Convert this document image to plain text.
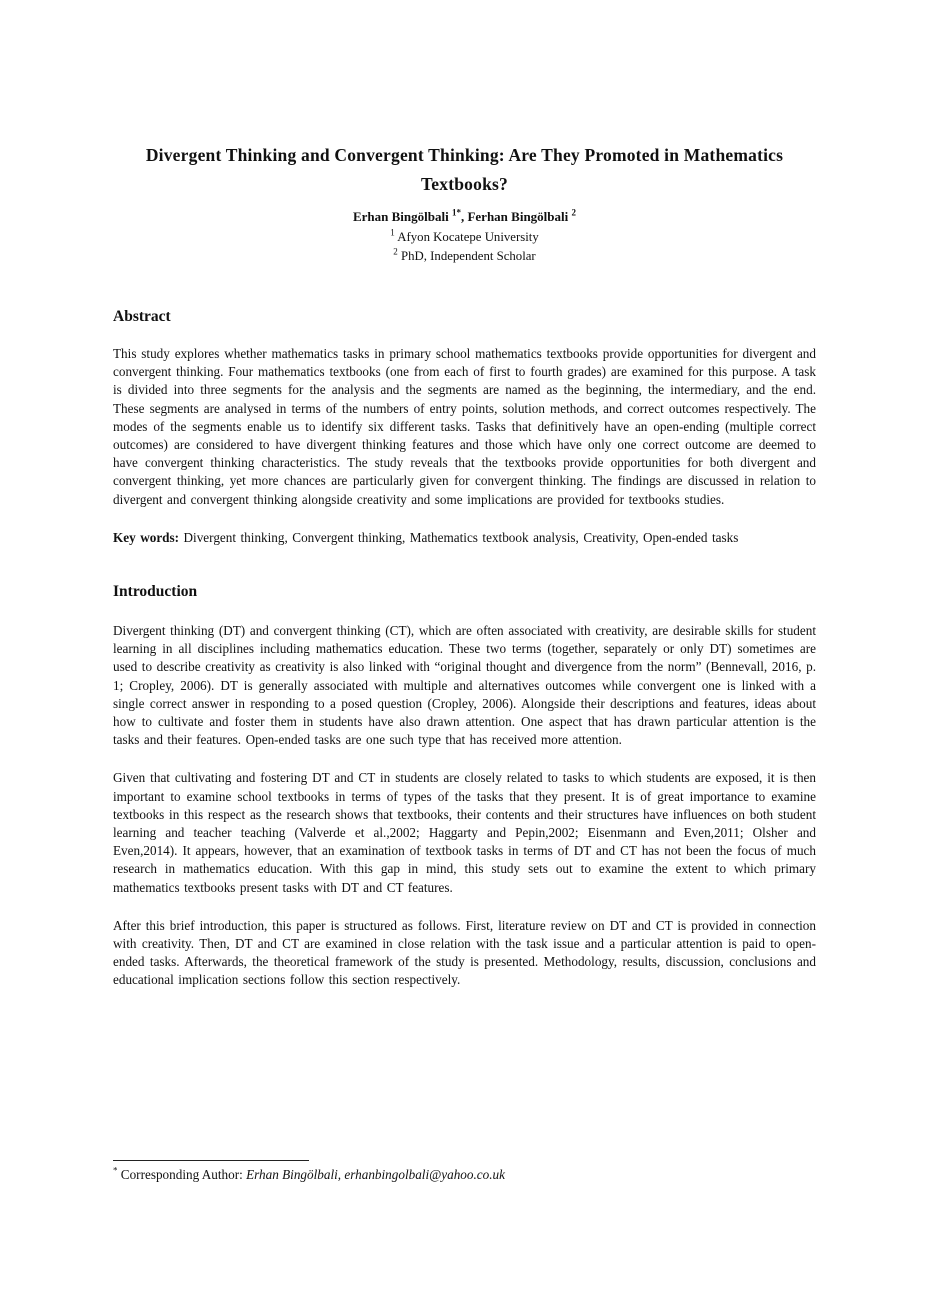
Divergent Thinking and Convergent Thinking: Are They Promoted in Mathematics Textbooks?
Erhan Bingölbali $^{1*}$, Ferhan Bingölbali $^2$
$^1$ Afyon Kocatepe University
$^2$ PhD, Independent Scholar
Abstract

This study explores whether mathematics tasks in primary school mathematics textbooks provide opportunities for divergent and convergent thinking. Four mathematics textbooks (one from each of first to fourth grades) are examined for this purpose. A task is divided into three segments for the analysis and the segments are named as the beginning, the intermediary, and the end. These segments are analysed in terms of the numbers of entry points, solution methods, and correct outcomes respectively. The modes of the segments enable us to identify six different tasks. Tasks that definitively have an open-ending (multiple correct outcomes) are considered to have divergent thinking features and those which have only one correct outcome are deemed to have convergent thinking characteristics. The study reveals that the textbooks provide opportunities for both divergent and convergent thinking, yet more chances are particularly given for convergent thinking. The findings are discussed in relation to divergent and convergent thinking alongside creativity and some implications are provided for textbooks studies.

Key words: Divergent thinking, Convergent thinking, Mathematics textbook analysis, Creativity, Open-ended tasks

Introduction

Divergent thinking (DT) and convergent thinking (CT), which are often associated with creativity, are desirable skills for student learning in all disciplines including mathematics education. These two terms (together, separately or only DT) sometimes are used to describe creativity as creativity is also linked with “original thought and divergence from the norm” (Bennevall, 2016, p. 1; Cropley, 2006). DT is generally associated with multiple and alternatives outcomes while convergent one is linked with a single correct answer in responding to a posed question (Cropley, 2006). Alongside their descriptions and features, ideas about how to cultivate and foster them in students have also drawn attention. One aspect that has drawn particular attention is the tasks and their features. Open-ended tasks are one such type that has received more attention.

Given that cultivating and fostering DT and CT in students are closely related to tasks to which students are exposed, it is then important to examine school textbooks in terms of types of the tasks that they present. It is of great importance to examine textbooks in this respect as the research shows that textbooks, their contents and their structures have influences on both student learning and teacher teaching (Valverde et al.,2002; Haggarty and Pepin,2002; Eisenmann and Even,2011; Olsher and Even,2014). It appears, however, that an examination of textbook tasks in terms of DT and CT has not been the focus of much research in mathematics education. With this gap in mind, this study sets out to examine the extent to which primary mathematics textbooks present tasks with DT and CT features.

After this brief introduction, this paper is structured as follows. First, literature review on DT and CT is provided in connection with creativity. Then, DT and CT are examined in close relation with the task issue and a particular attention is paid to open-ended tasks. Afterwards, the theoretical framework of the study is presented. Methodology, results, discussion, conclusions and educational implication sections follow this section respectively.

* Corresponding Author: Erhan Bingölbali, erhanbingolbali@yahoo.co.uk
